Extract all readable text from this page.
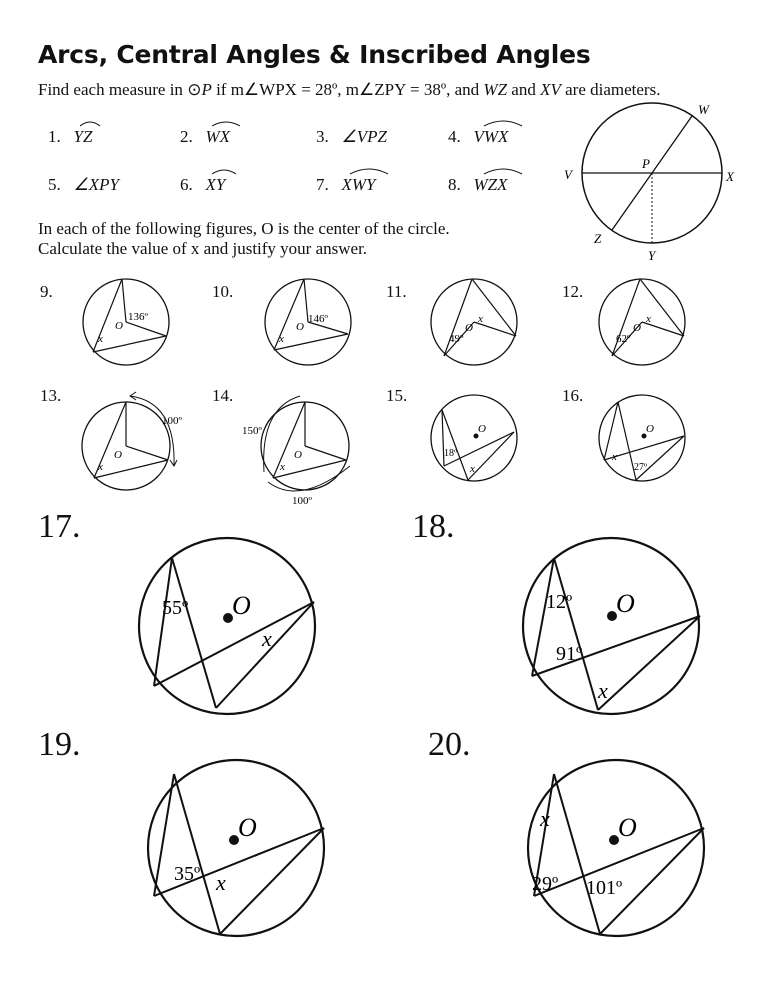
Arcs, Central Angles & Inscribed Angles
Find each measure in ⊙P if m∠WPX = 28º, m∠ZPY = 38º, and WZ and XV are diameters.
1. YZ	2. WX	3. ∠VPZ	4. VWX
5. ∠XPY	6. XY	7. XWY	8. WZX
In each of the following figures, O is the center of the circle.
Calculate the value of x and justify your answer.
W
X
V
Z
Y
P
9.	10.	11.	12.
13.	14.	15.	16.
17.	18.
19.	20.
136º
O
x
146º
O
x	49º
O
x
62º
O
x
100º
O
x
150º
100º
O
x
O
18º
x
O
x
27º
O
55º
x
O
12º
91º
x
O
35º x
O
x
29º 101º
